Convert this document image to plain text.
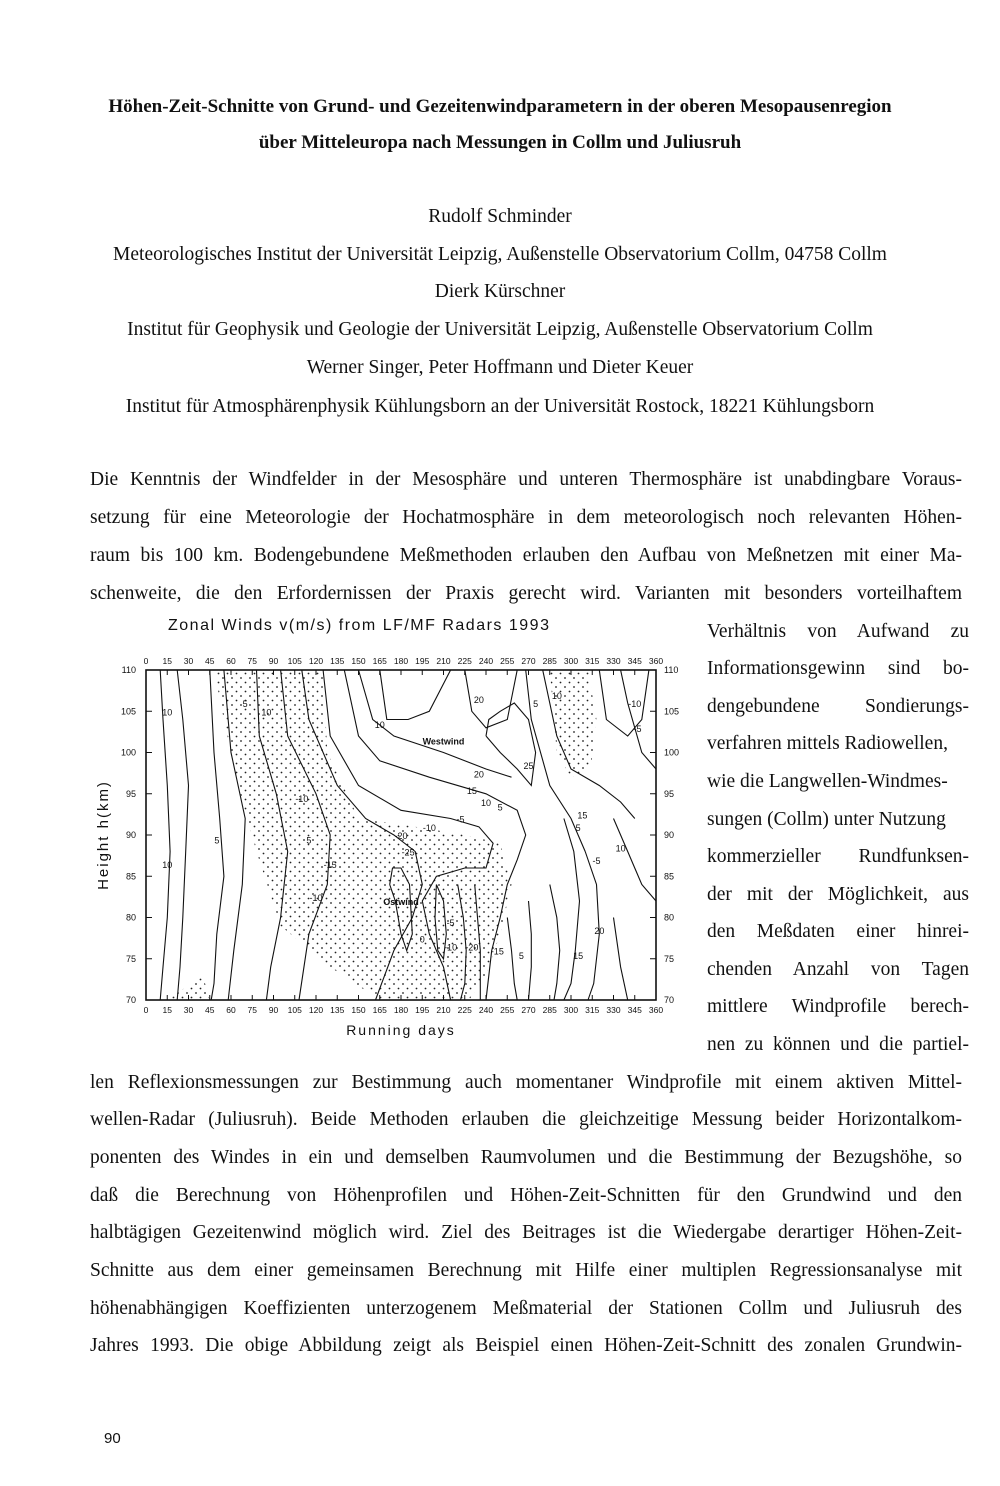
Höhen-Zeit-Schnitte von Grund- und Gezeitenwindparametern in der oberen Mesopausenregion
über Mitteleuropa nach Messungen in Collm und Juliusruh
Rudolf Schminder
Meteorologisches Institut der Universität Leipzig, Außenstelle Observatorium Collm, 04758 Collm
Dierk Kürschner
Institut für Geophysik und Geologie der Universität Leipzig, Außenstelle Observatorium Collm
Werner Singer, Peter Hoffmann und Dieter Keuer
Institut für Atmosphärenphysik Kühlungsborn an der Universität Rostock, 18221 Kühlungsborn
Die Kenntnis der Windfelder in der Mesosphäre und unteren Thermosphäre ist unabdingbare Voraus-
setzung für eine Meteorologie der Hochatmosphäre in dem meteorologisch noch relevanten Höhen-
raum bis 100 km. Bodengebundene Meßmethoden erlauben den Aufbau von Meßnetzen mit einer Ma-
schenweite, die den Erfordernissen der Praxis gerecht wird. Varianten mit besonders vorteilhaftem
Verhältnis von Aufwand zu
Informationsgewinn sind bo-
dengebundene Sondierungs-
verfahren mittels Radiowellen,
wie die Langwellen-Windmes-
sungen (Collm) unter Nutzung
kommerzieller Rundfunksen-
der mit der Möglichkeit, aus
den Meßdaten einer hinrei-
chenden Anzahl von Tagen
mittlere Windprofile berech-
nen zu können und die partiel-
len Reflexionsmessungen zur Bestimmung auch momentaner Windprofile mit einem aktiven Mittel-
wellen-Radar (Juliusruh). Beide Methoden erlauben die gleichzeitige Messung beider Horizontalkom-
ponenten des Windes in ein und demselben Raumvolumen und die Bestimmung der Bezugshöhe, so
daß die Berechnung von Höhenprofilen und Höhen-Zeit-Schnitten für den Grundwind und den
halbtägigen Gezeitenwind möglich wird. Ziel des Beitrages ist die Wiedergabe derartiger Höhen-Zeit-
Schnitte aus dem einer gemeinsamen Berechnung mit Hilfe einer multiplen Regressionsanalyse mit
höhenabhängigen Koeffizienten unterzogenem Meßmaterial der Stationen Collm und Juliusruh des
Jahres 1993. Die obige Abbildung zeigt als Beispiel einen Höhen-Zeit-Schnitt des zonalen Grundwin-
90
Zonal Winds v(m/s) from LF/MF Radars 1993
0
0
15
15
30
30
45
45
60
60
75
75
90
90
105
105
120
120
135
135
150
150
165
165
180
180
195
195
210
210
225
225
240
240
255
255
270
270
285
285
300
300
315
315
330
330
345
345
360
360
70	70
75	75
80	80
85	85
90	90
95	95
100	100
105	105
110	110
Running days
Height h(km)
Westwind
Ostwind
10
10
5
5
10
-10
-10
-15
5
10
20
25
20
15
10 5
-10
-5
-20
-25
-20 -15
-5
-10
0
5
10
5	-10
-5
10
15
5
20
15
-5
